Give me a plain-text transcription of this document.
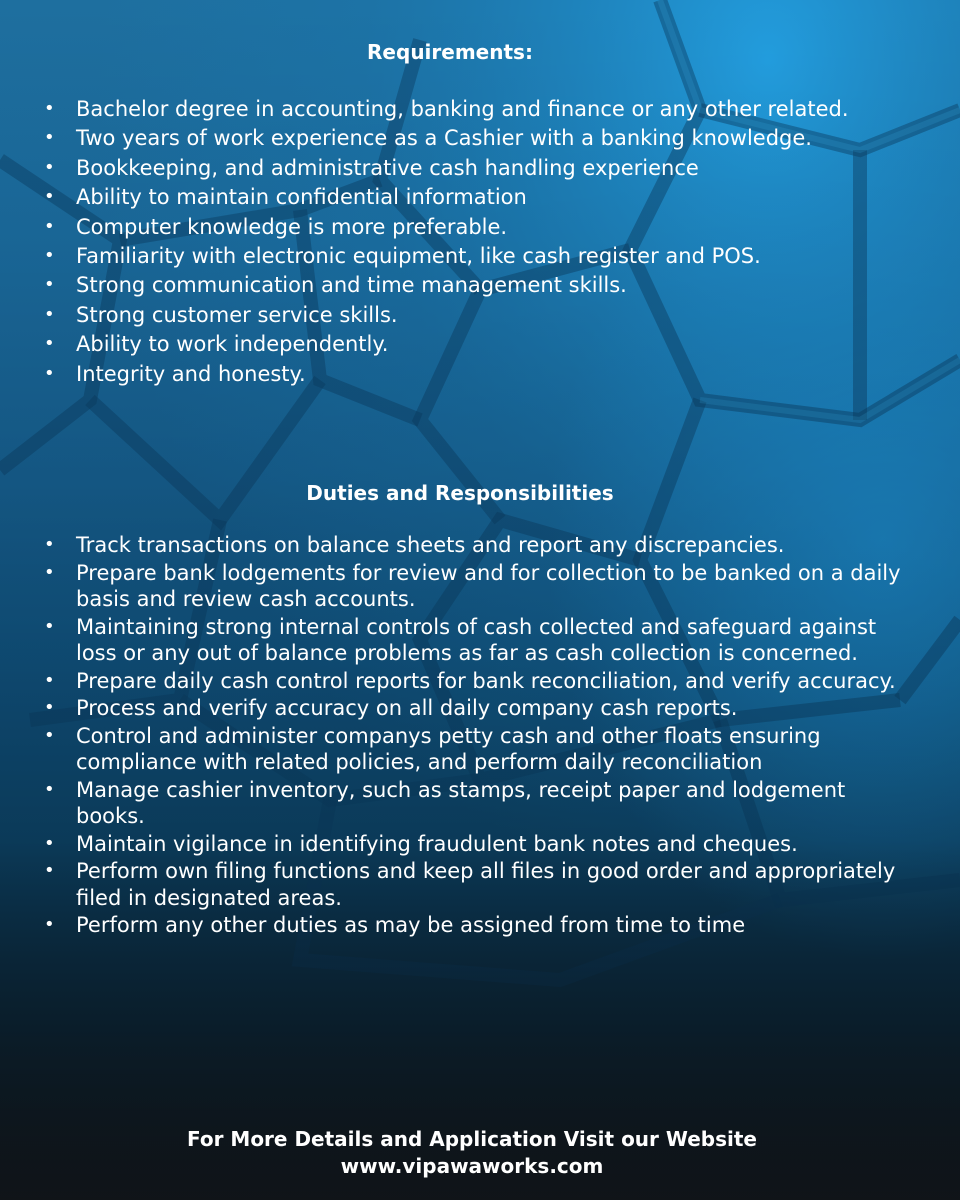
Requirements:
• Bachelor degree in accounting, banking and finance or any other related.
• Two years of work experience as a Cashier with a banking knowledge.
• Bookkeeping, and administrative cash handling experience
• Ability to maintain confidential information
• Computer knowledge is more preferable.
• Familiarity with electronic equipment, like cash register and POS.
• Strong communication and time management skills.
• Strong customer service skills.
• Ability to work independently.
• Integrity and honesty.
Duties and Responsibilities
• Track transactions on balance sheets and report any discrepancies.
• Prepare bank lodgements for review and for collection to be banked on a daily basis and review cash accounts.
• Maintaining strong internal controls of cash collected and safeguard against loss or any out of balance problems as far as cash collection is concerned.
• Prepare daily cash control reports for bank reconciliation, and verify accuracy.
• Process and verify accuracy on all daily company cash reports.
• Control and administer companys petty cash and other floats ensuring compliance with related policies, and perform daily reconciliation
• Manage cashier inventory, such as stamps, receipt paper and lodgement books.
• Maintain vigilance in identifying fraudulent bank notes and cheques.
• Perform own filing functions and keep all files in good order and appropriately filed in designated areas.
• Perform any other duties as may be assigned from time to time
For More Details and Application Visit our Website
www.vipawaworks.com
